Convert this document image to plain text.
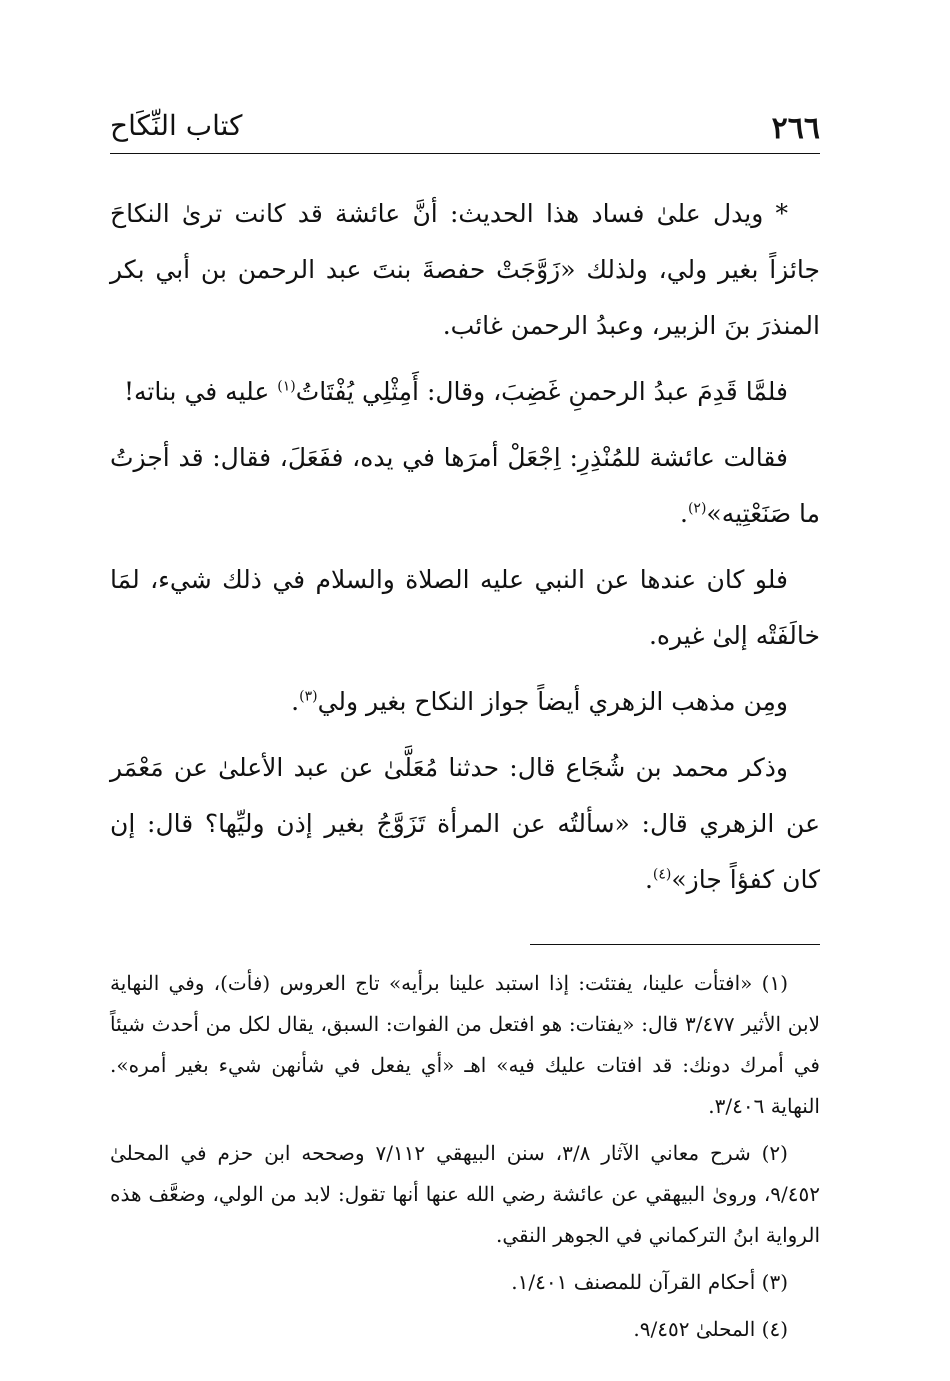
٢٦٦
كتاب النِّكَاح

* ويدل علىٰ فساد هذا الحديث: أنَّ عائشة قد كانت ترىٰ النكاحَ جائزاً بغير ولي، ولذلك «زَوَّجَتْ حفصةَ بنتَ عبد الرحمن بن أبي بكر المنذرَ بنَ الزبير، وعبدُ الرحمن غائب.

فلمَّا قَدِمَ عبدُ الرحمنِ غَضِبَ، وقال: أَمِثْلِي يُفْتَاتُ$^{(١)}$ عليه في بناته!

فقالت عائشة للمُنْذِرِ: اِجْعَلْ أمرَها في يده، ففَعَلَ، فقال: قد أجزتُ ما صَنَعْتِيه»$^{(٢)}$.

فلو كان عندها عن النبي عليه الصلاة والسلام في ذلك شيء، لمَا خالَفَتْه إلىٰ غيره.

ومِن مذهب الزهري أيضاً جواز النكاح بغير ولي$^{(٣)}$.

وذكر محمد بن شُجَاع قال: حدثنا مُعَلَّىٰ عن عبد الأعلىٰ عن مَعْمَر عن الزهري قال: «سألتُه عن المرأة تَزَوَّجُ بغير إذن وليِّها؟ قال: إن كان كفؤاً جاز»$^{(٤)}$.

(١) «افتأت علينا، يفتئت: إذا استبد علينا برأيه» تاج العروس (فأت)، وفي النهاية لابن الأثير ٣/٤٧٧ قال: «يفتات: هو افتعل من الفوات: السبق، يقال لكل من أحدث شيئاً في أمرك دونك: قد افتات عليك فيه» اهـ «أي يفعل في شأنهن شيء بغير أمره». النهاية ٣/٤٠٦.

(٢) شرح معاني الآثار ٣/٨، سنن البيهقي ٧/١١٢ وصححه ابن حزم في المحلىٰ ٩/٤٥٢، وروىٰ البيهقي عن عائشة رضي الله عنها أنها تقول: لابد من الولي، وضعَّف هذه الرواية ابنُ التركماني في الجوهر النقي.

(٣) أحكام القرآن للمصنف ١/٤٠١.

(٤) المحلىٰ ٩/٤٥٢.
